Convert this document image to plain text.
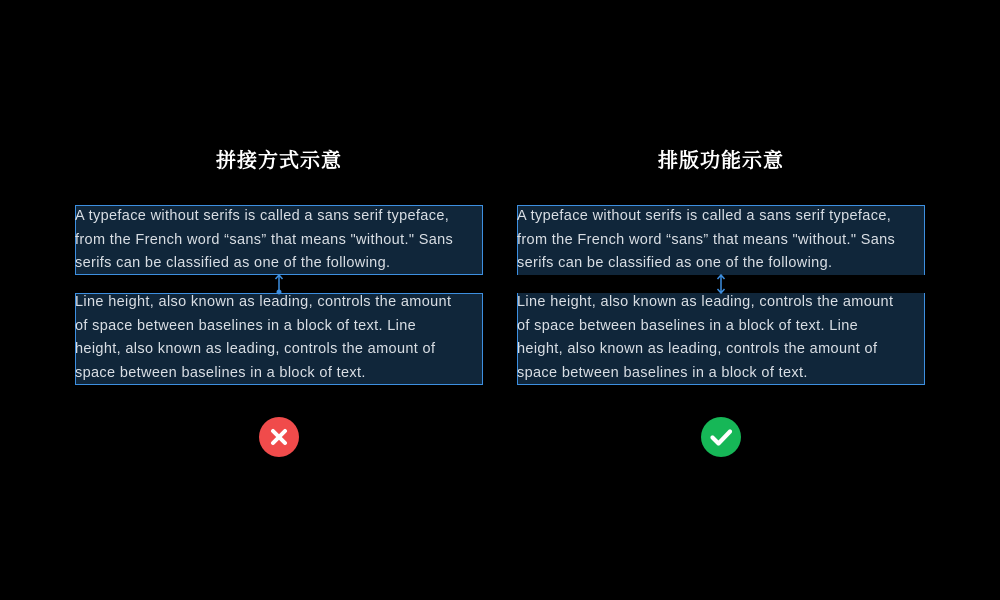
拼接方式示意
A typeface without serifs is called a sans serif typeface,
from the French word “sans” that means "without." Sans
serifs can be classified as one of the following.
Line height, also known as leading, controls the amount
of space between baselines in a block of text. Line
height, also known as leading, controls the amount of
space between baselines in a block of text.
排版功能示意
A typeface without serifs is called a sans serif typeface,
from the French word “sans” that means "without." Sans
serifs can be classified as one of the following.
Line height, also known as leading, controls the amount
of space between baselines in a block of text. Line
height, also known as leading, controls the amount of
space between baselines in a block of text.
